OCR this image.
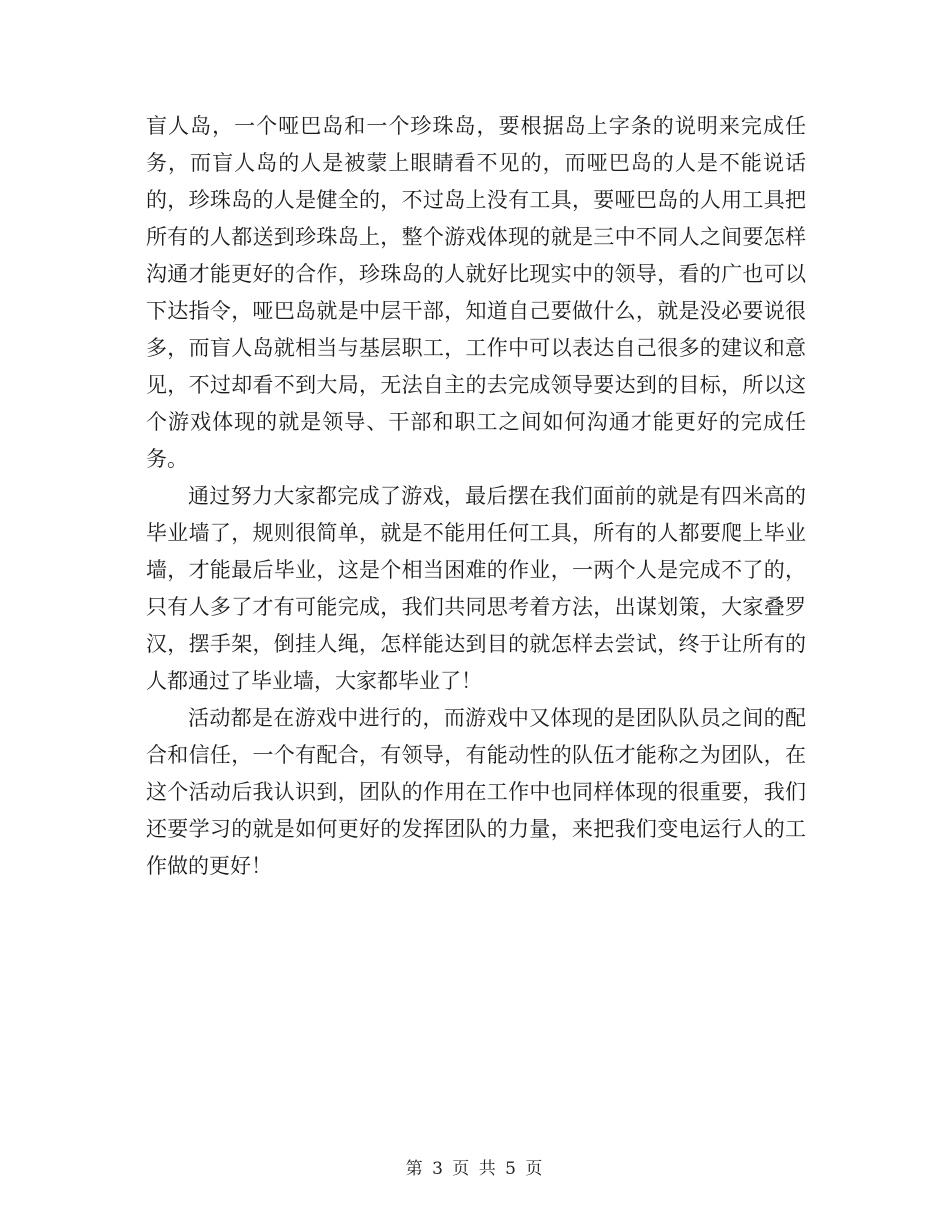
盲人岛，一个哑巴岛和一个珍珠岛，要根据岛上字条的说明来完成任务，而盲人岛的人是被蒙上眼睛看不见的，而哑巴岛的人是不能说话的，珍珠岛的人是健全的，不过岛上没有工具，要哑巴岛的人用工具把所有的人都送到珍珠岛上，整个游戏体现的就是三中不同人之间要怎样沟通才能更好的合作，珍珠岛的人就好比现实中的领导，看的广也可以下达指令，哑巴岛就是中层干部，知道自己要做什么，就是没必要说很多，而盲人岛就相当与基层职工，工作中可以表达自己很多的建议和意见，不过却看不到大局，无法自主的去完成领导要达到的目标，所以这个游戏体现的就是领导、干部和职工之间如何沟通才能更好的完成任务。

通过努力大家都完成了游戏，最后摆在我们面前的就是有四米高的毕业墙了，规则很简单，就是不能用任何工具，所有的人都要爬上毕业墙，才能最后毕业，这是个相当困难的作业，一两个人是完成不了的，只有人多了才有可能完成，我们共同思考着方法，出谋划策，大家叠罗汉，摆手架，倒挂人绳，怎样能达到目的就怎样去尝试，终于让所有的人都通过了毕业墙，大家都毕业了！

活动都是在游戏中进行的，而游戏中又体现的是团队队员之间的配合和信任，一个有配合，有领导，有能动性的队伍才能称之为团队，在这个活动后我认识到，团队的作用在工作中也同样体现的很重要，我们还要学习的就是如何更好的发挥团队的力量，来把我们变电运行人的工作做的更好！

第 3 页 共 5 页
